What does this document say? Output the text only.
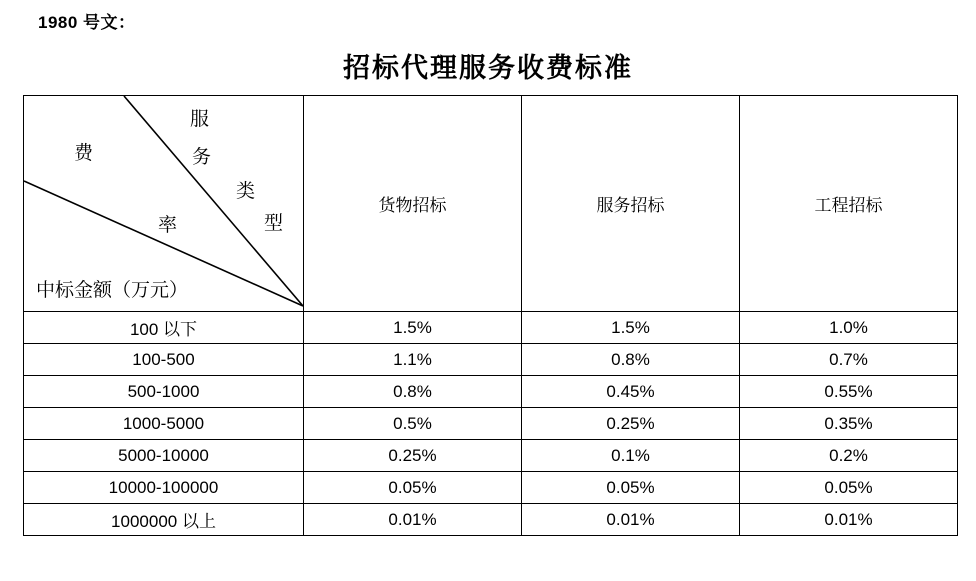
1980 号文：
招标代理服务收费标准
服
费	务
类
率	型
中标金额（万元）
	货物招标	服务招标	工程招标
100 以下	1.5%	1.5%	1.0%
100-500	1.1%	0.8%	0.7%
500-1000	0.8%	0.45%	0.55%
1000-5000	0.5%	0.25%	0.35%
5000-10000	0.25%	0.1%	0.2%
10000-100000	0.05%	0.05%	0.05%
1000000 以上	0.01%	0.01%	0.01%
